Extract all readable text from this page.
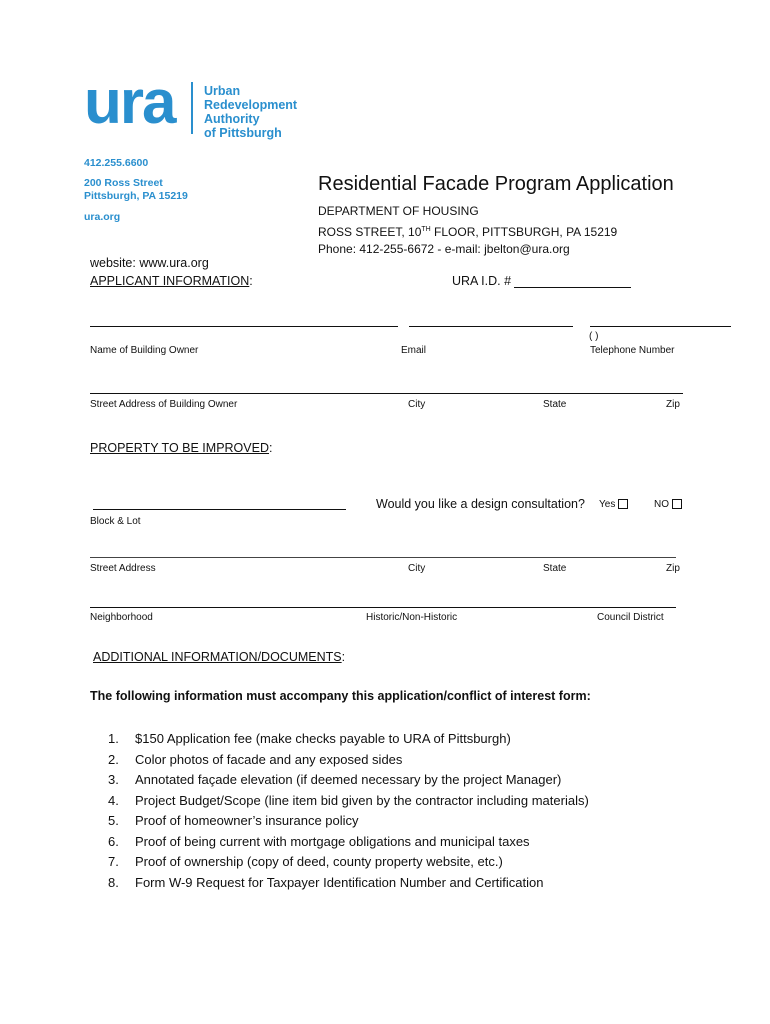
ura Urban
Redevelopment
Authority
of Pittsburgh
412.255.6600
200 Ross Street
Pittsburgh, PA 15219
ura.org
Residential Facade Program Application
DEPARTMENT OF HOUSING
ROSS STREET, 10TH FLOOR, PITTSBURGH, PA 15219
Phone: 412-255-6672 - e-mail: jbelton@ura.org
website: www.ura.org
APPLICANT INFORMATION:	URA I.D. #
( )
Name of Building Owner	Email	Telephone Number
Street Address of Building Owner	City	State	Zip
PROPERTY TO BE IMPROVED:
Would you like a design consultation? Yes	NO
Block & Lot
Street Address	City	State	Zip
Neighborhood	Historic/Non-Historic	Council District
ADDITIONAL INFORMATION/DOCUMENTS:
The following information must accompany this application/conflict of interest form:
1. $150 Application fee (make checks payable to URA of Pittsburgh)
2. Color photos of facade and any exposed sides
3. Annotated façade elevation (if deemed necessary by the project Manager)
4. Project Budget/Scope (line item bid given by the contractor including materials)
5. Proof of homeowner’s insurance policy
6. Proof of being current with mortgage obligations and municipal taxes
7. Proof of ownership (copy of deed, county property website, etc.)
8. Form W-9 Request for Taxpayer Identification Number and Certification
